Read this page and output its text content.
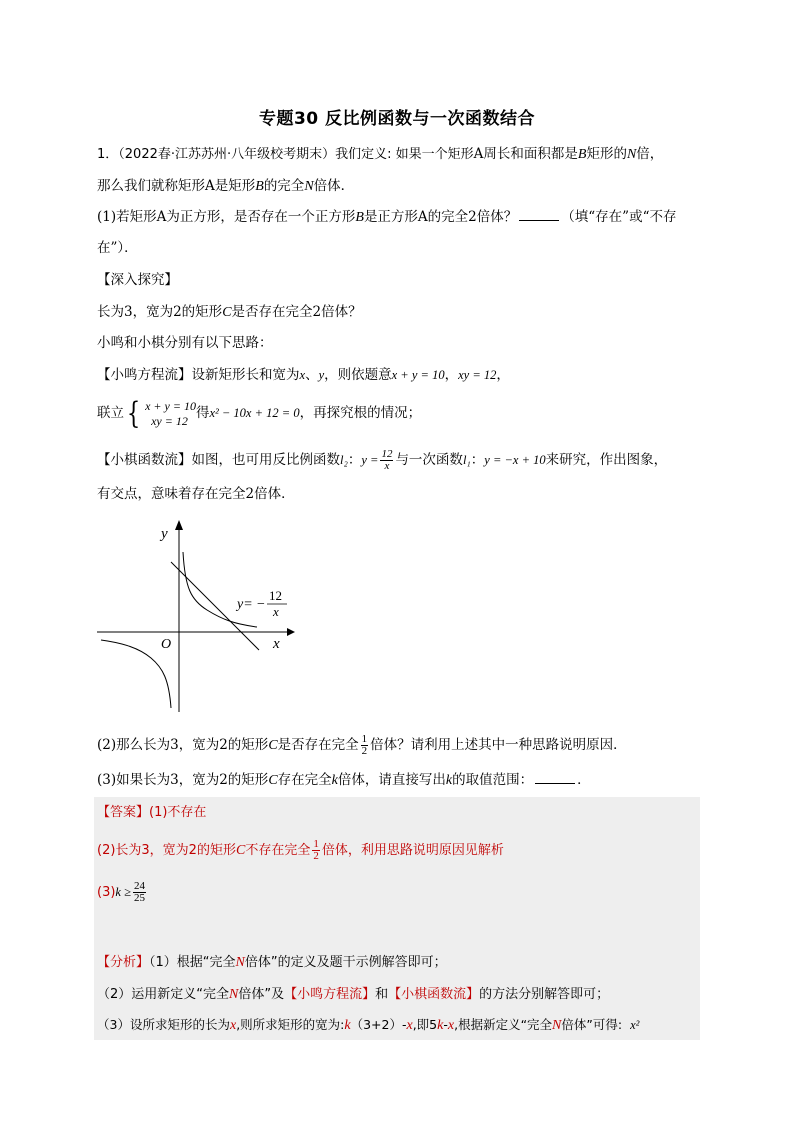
专题30 反比例函数与一次函数结合
1．（2022春·江苏苏州·八年级校考期末）我们定义: 如果一个矩形A周长和面积都是B矩形的N倍，
那么我们就称矩形A是矩形B的完全N倍体．
(1)若矩形A为正方形，是否存在一个正方形B是正方形A的完全2倍体？	（填“存在”或“不存
在”）．
【深入探究】
长为3，宽为2的矩形C是否存在完全2倍体？
小鸣和小棋分别有以下思路：
【小鸣方程流】设新矩形长和宽为x、y，则依题意x + y = 10，xy = 12，
联立{ x + y = 10
xy = 12 得x² − 10x + 12 = 0，再探究根的情况；
【小棋函数流】如图，也可用反比例函数l₂：$y = \frac{12}{x}$ 与一次函数l₁：y = −x + 10来研究，作出图象，
有交点，意味着存在完全2倍体．
y
x
O
y= −
12
x
(2)那么长为3，宽为2的矩形C是否存在完全 $\frac{1}{2}$ 倍体？请利用上述其中一种思路说明原因．
(3)如果长为3，宽为2的矩形C存在完全k倍体，请直接写出k的取值范围：	．
【答案】(1)不存在
(2)长为3，宽为2的矩形C不存在完全 $\frac{1}{2}$ 倍体，利用思路说明原因见解析
$(3)k \ge \frac{24}{25}$
【分析】（1）根据“完全N倍体”的定义及题干示例解答即可；
（2）运用新定义“完全N倍体”及【小鸣方程流】和【小棋函数流】的方法分别解答即可；
（3）设所求矩形的长为x,则所求矩形的宽为:k（3+2）-x,即5k-x,根据新定义“完全N倍体”可得: x²
